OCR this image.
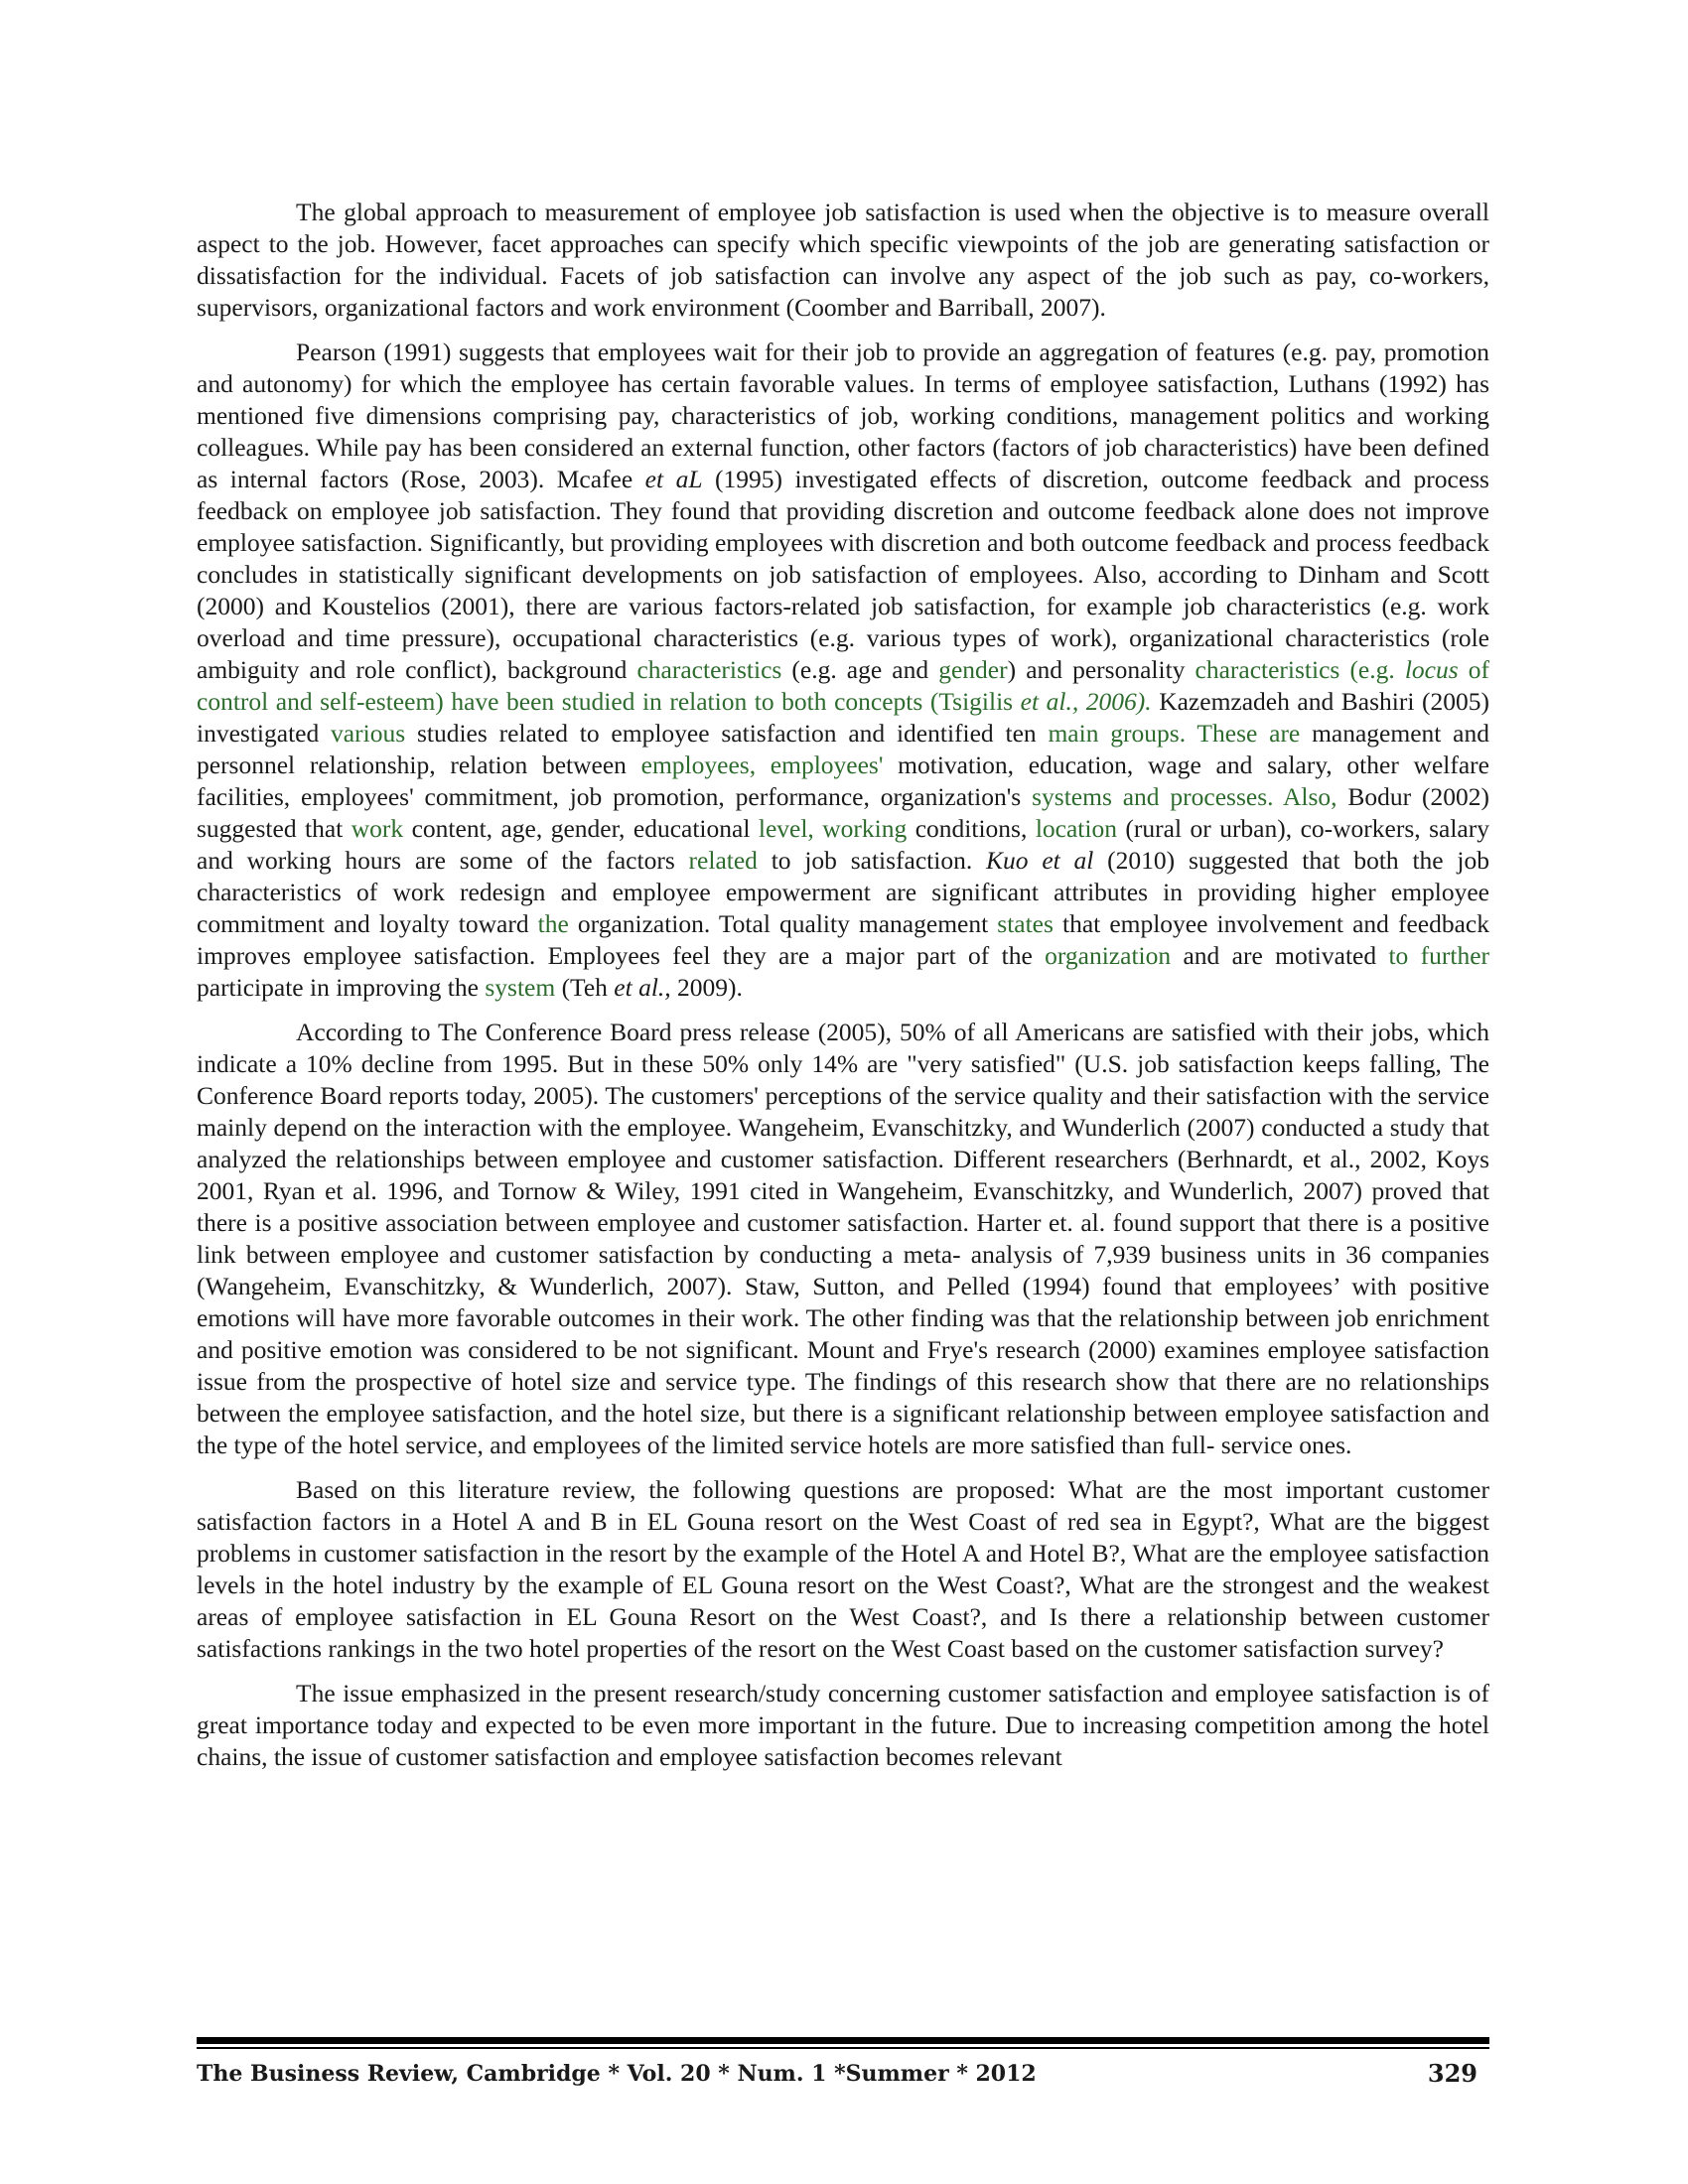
The global approach to measurement of employee job satisfaction is used when the objective is to measure overall aspect to the job. However, facet approaches can specify which specific viewpoints of the job are generating satisfaction or dissatisfaction for the individual. Facets of job satisfaction can involve any aspect of the job such as pay, co-workers, supervisors, organizational factors and work environment (Coomber and Barriball, 2007).

Pearson (1991) suggests that employees wait for their job to provide an aggregation of features (e.g. pay, promotion and autonomy) for which the employee has certain favorable values. In terms of employee satisfaction, Luthans (1992) has mentioned five dimensions comprising pay, characteristics of job, working conditions, management politics and working colleagues. While pay has been considered an external function, other factors (factors of job characteristics) have been defined as internal factors (Rose, 2003). Mcafee et aL (1995) investigated effects of discretion, outcome feedback and process feedback on employee job satisfaction. They found that providing discretion and outcome feedback alone does not improve employee satisfaction. Significantly, but providing employees with discretion and both outcome feedback and process feedback concludes in statistically significant developments on job satisfaction of employees. Also, according to Dinham and Scott (2000) and Koustelios (2001), there are various factors-related job satisfaction, for example job characteristics (e.g. work overload and time pressure), occupational characteristics (e.g. various types of work), organizational characteristics (role ambiguity and role conflict), background characteristics (e.g. age and gender) and personality characteristics (e.g. locus of control and self-esteem) have been studied in relation to both concepts (Tsigilis et al., 2006). Kazemzadeh and Bashiri (2005) investigated various studies related to employee satisfaction and identified ten main groups. These are management and personnel relationship, relation between employees, employees' motivation, education, wage and salary, other welfare facilities, employees' commitment, job promotion, performance, organization's systems and processes. Also, Bodur (2002) suggested that work content, age, gender, educational level, working conditions, location (rural or urban), co-workers, salary and working hours are some of the factors related to job satisfaction. Kuo et al (2010) suggested that both the job characteristics of work redesign and employee empowerment are significant attributes in providing higher employee commitment and loyalty toward the organization. Total quality management states that employee involvement and feedback improves employee satisfaction. Employees feel they are a major part of the organization and are motivated to further participate in improving the system (Teh et al., 2009).

According to The Conference Board press release (2005), 50% of all Americans are satisfied with their jobs, which indicate a 10% decline from 1995. But in these 50% only 14% are "very satisfied" (U.S. job satisfaction keeps falling, The Conference Board reports today, 2005). The customers' perceptions of the service quality and their satisfaction with the service mainly depend on the interaction with the employee. Wangeheim, Evanschitzky, and Wunderlich (2007) conducted a study that analyzed the relationships between employee and customer satisfaction. Different researchers (Berhnardt, et al., 2002, Koys 2001, Ryan et al. 1996, and Tornow & Wiley, 1991 cited in Wangeheim, Evanschitzky, and Wunderlich, 2007) proved that there is a positive association between employee and customer satisfaction. Harter et. al. found support that there is a positive link between employee and customer satisfaction by conducting a meta- analysis of 7,939 business units in 36 companies (Wangeheim, Evanschitzky, & Wunderlich, 2007). Staw, Sutton, and Pelled (1994) found that employees’ with positive emotions will have more favorable outcomes in their work. The other finding was that the relationship between job enrichment and positive emotion was considered to be not significant. Mount and Frye's research (2000) examines employee satisfaction issue from the prospective of hotel size and service type. The findings of this research show that there are no relationships between the employee satisfaction, and the hotel size, but there is a significant relationship between employee satisfaction and the type of the hotel service, and employees of the limited service hotels are more satisfied than full- service ones.

Based on this literature review, the following questions are proposed: What are the most important customer satisfaction factors in a Hotel A and B in EL Gouna resort on the West Coast of red sea in Egypt?, What are the biggest problems in customer satisfaction in the resort by the example of the Hotel A and Hotel B?, What are the employee satisfaction levels in the hotel industry by the example of EL Gouna resort on the West Coast?, What are the strongest and the weakest areas of employee satisfaction in EL Gouna Resort on the West Coast?, and Is there a relationship between customer satisfactions rankings in the two hotel properties of the resort on the West Coast based on the customer satisfaction survey?

The issue emphasized in the present research/study concerning customer satisfaction and employee satisfaction is of great importance today and expected to be even more important in the future. Due to increasing competition among the hotel chains, the issue of customer satisfaction and employee satisfaction becomes relevant

The Business Review, Cambridge * Vol. 20 * Num. 1 *Summer * 2012	329
